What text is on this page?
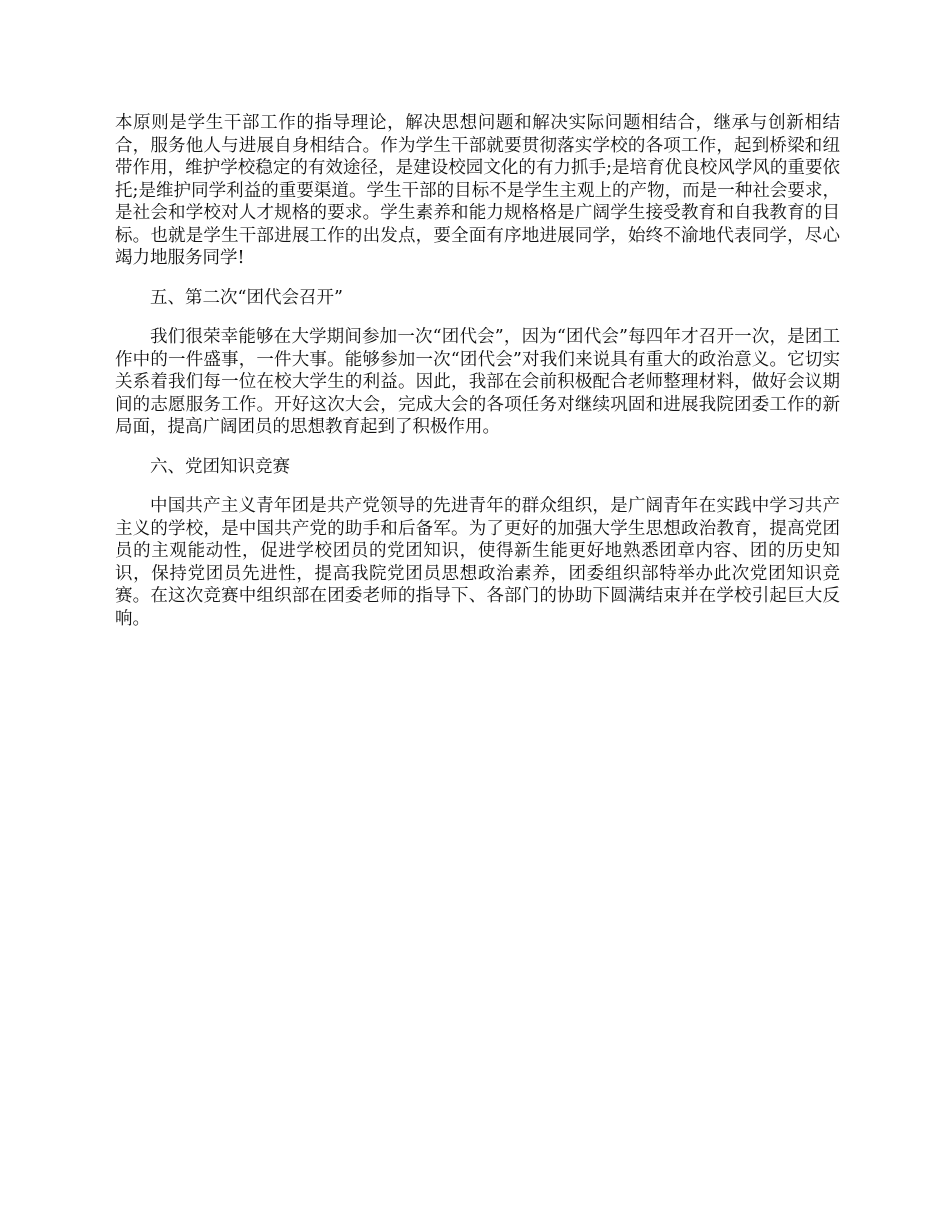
本原则是学生干部工作的指导理论，解决思想问题和解决实际问题相结合，继承与创新相结合，服务他人与进展自身相结合。作为学生干部就要贯彻落实学校的各项工作，起到桥梁和纽带作用，维护学校稳定的有效途径，是建设校园文化的有力抓手;是培育优良校风学风的重要依托;是维护同学利益的重要渠道。学生干部的目标不是学生主观上的产物，而是一种社会要求，是社会和学校对人才规格的要求。学生素养和能力规格格是广阔学生接受教育和自我教育的目标。也就是学生干部进展工作的出发点，要全面有序地进展同学，始终不渝地代表同学，尽心竭力地服务同学!

五、第二次“团代会召开”

我们很荣幸能够在大学期间参加一次“团代会”，因为“团代会”每四年才召开一次，是团工作中的一件盛事，一件大事。能够参加一次“团代会”对我们来说具有重大的政治意义。它切实关系着我们每一位在校大学生的利益。因此，我部在会前积极配合老师整理材料，做好会议期间的志愿服务工作。开好这次大会，完成大会的各项任务对继续巩固和进展我院团委工作的新局面，提高广阔团员的思想教育起到了积极作用。

六、党团知识竞赛

中国共产主义青年团是共产党领导的先进青年的群众组织，是广阔青年在实践中学习共产主义的学校，是中国共产党的助手和后备军。为了更好的加强大学生思想政治教育，提高党团员的主观能动性，促进学校团员的党团知识，使得新生能更好地熟悉团章内容、团的历史知识，保持党团员先进性，提高我院党团员思想政治素养，团委组织部特举办此次党团知识竞赛。在这次竞赛中组织部在团委老师的指导下、各部门的协助下圆满结束并在学校引起巨大反响。
